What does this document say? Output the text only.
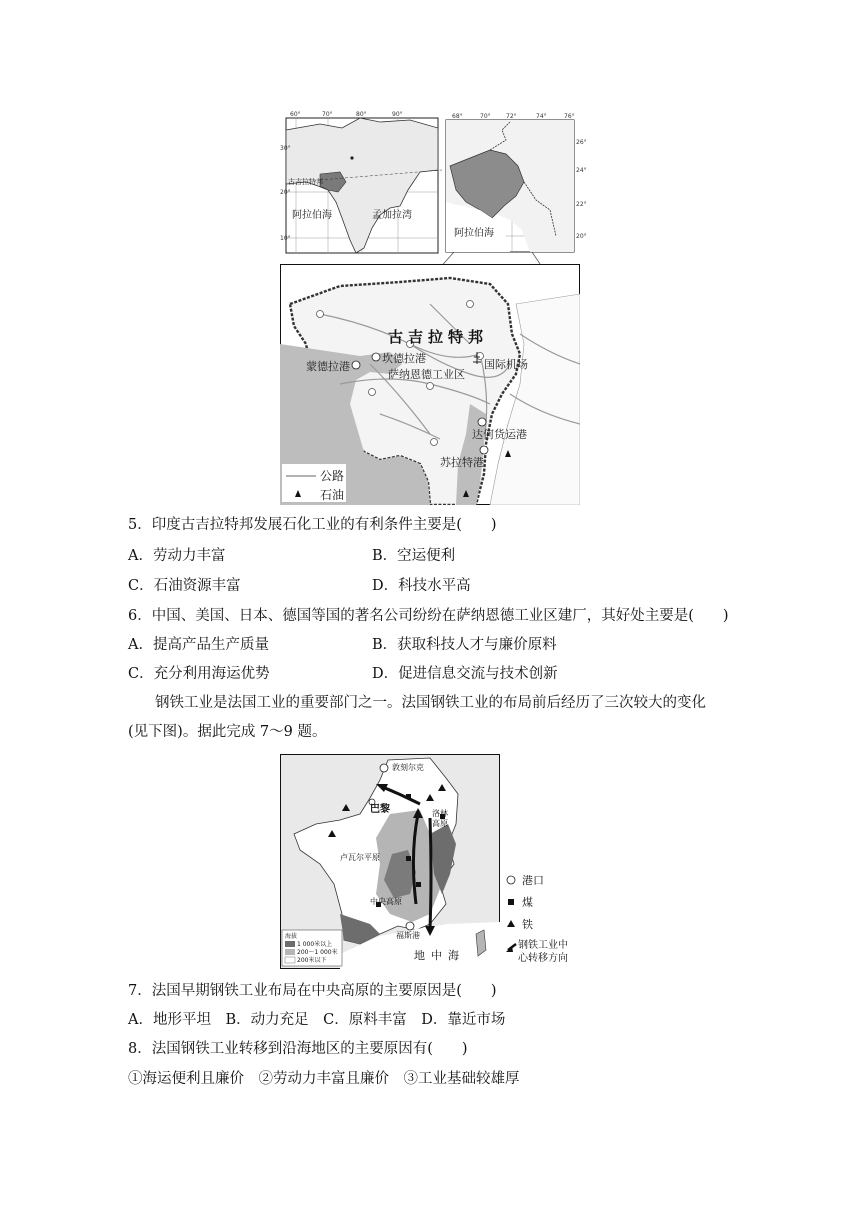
60°	70°	80°	90°
30°
20°
10°
古吉拉特邦
阿拉伯海	孟加拉湾
68°	70°	72°	74°	76°
26°
24°
22°
20°
阿拉伯海
古吉拉特邦
蒙德拉港
坎德拉港
萨纳恩德工业区
国际机场
达何货运港
苏拉特港
公路
石油
5．印度古吉拉特邦发展石化工业的有利条件主要是(　　)
A．劳动力丰富	B．空运便利
C．石油资源丰富	D．科技水平高
6．中国、美国、日本、德国等国的著名公司纷纷在萨纳恩德工业区建厂，其好处主要是(　　)
A．提高产品生产质量	B．获取科技人才与廉价原料
C．充分利用海运优势	D．促进信息交流与技术创新
钢铁工业是法国工业的重要部门之一。法国钢铁工业的布局前后经历了三次较大的变化
(见下图)。据此完成 7～9 题。
敦刻尔克
巴黎	洛林
高原
卢瓦尔平原
中央高原
福斯港
地中海
海拔
1 000米以上
200～1 000米
200米以下
港口
煤
铁
钢铁工业中
心转移方向
7．法国早期钢铁工业布局在中央高原的主要原因是(　　)
A．地形平坦　B．动力充足　C．原料丰富　D．靠近市场
8．法国钢铁工业转移到沿海地区的主要原因有(　　)
①海运便利且廉价　②劳动力丰富且廉价　③工业基础较雄厚
